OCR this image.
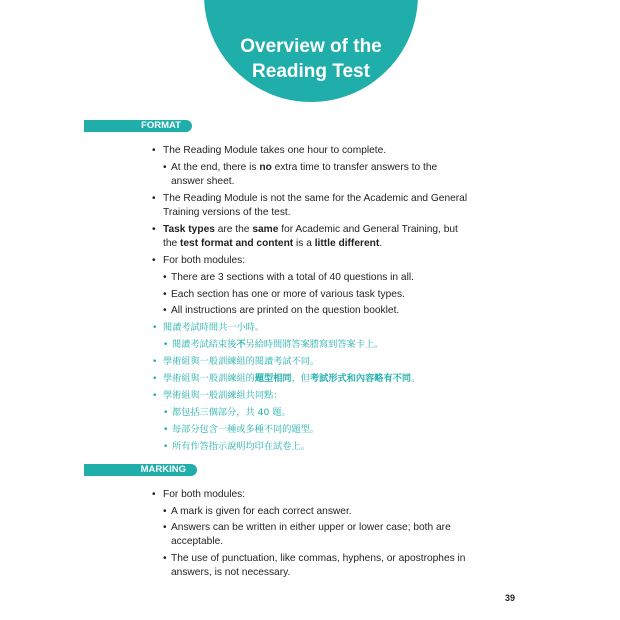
Overview of the
Reading Test
FORMAT
• The Reading Module takes one hour to complete.
• At the end, there is no extra time to transfer answers to the
answer sheet.
• The Reading Module is not the same for the Academic and General
Training versions of the test.
• Task types are the same for Academic and General Training, but
the test format and content is a little different.
• For both modules:
• There are 3 sections with a total of 40 questions in all.
• Each section has one or more of various task types.
• All instructions are printed on the question booklet.
• 閱讀考試時間共一小時。
• 閱讀考試結束後不另給時間將答案謄寫到答案卡上。
• 學術組與一般訓練組的閱讀考試不同。
• 學術組與一般訓練組的題型相同，但考試形式和內容略有不同。
• 學術組與一般訓練組共同點：
• 都包括三個部分，共 40 題。
• 每部分包含一種或多種不同的題型。
• 所有作答指示說明均印在試卷上。
MARKING
• For both modules:
• A mark is given for each correct answer.
• Answers can be written in either upper or lower case; both are
acceptable.
• The use of punctuation, like commas, hyphens, or apostrophes in
answers, is not necessary.
39
